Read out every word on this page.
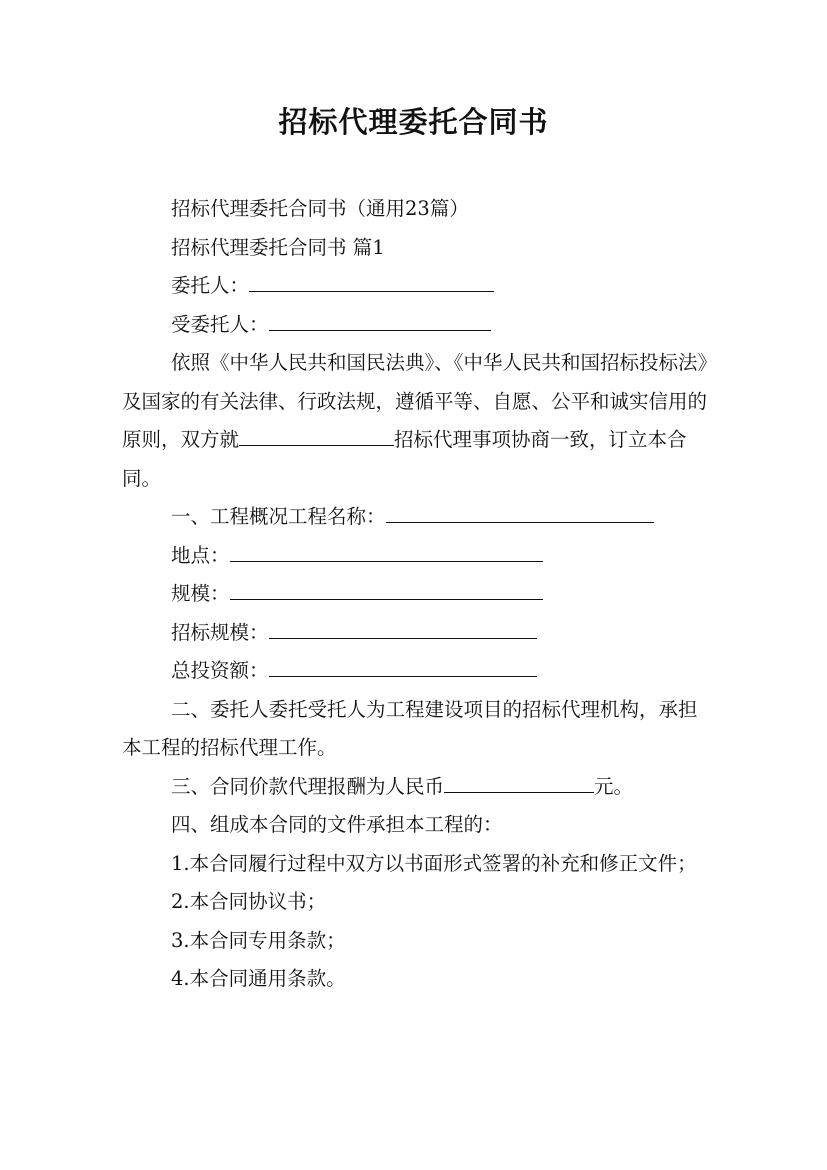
招标代理委托合同书

招标代理委托合同书（通用23篇）

招标代理委托合同书 篇1

委托人：

受委托人：

依照《中华人民共和国民法典》、《中华人民共和国招标投标法》及国家的有关法律、行政法规，遵循平等、自愿、公平和诚实信用的原则，双方就	招标代理事项协商一致，订立本合同。

一、工程概况工程名称：

地点：

规模：

招标规模：

总投资额：

二、委托人委托受托人为工程建设项目的招标代理机构，承担本工程的招标代理工作。

三、合同价款代理报酬为人民币	元。

四、组成本合同的文件承担本工程的：

1.本合同履行过程中双方以书面形式签署的补充和修正文件；

2.本合同协议书；

3.本合同专用条款；

4.本合同通用条款。
